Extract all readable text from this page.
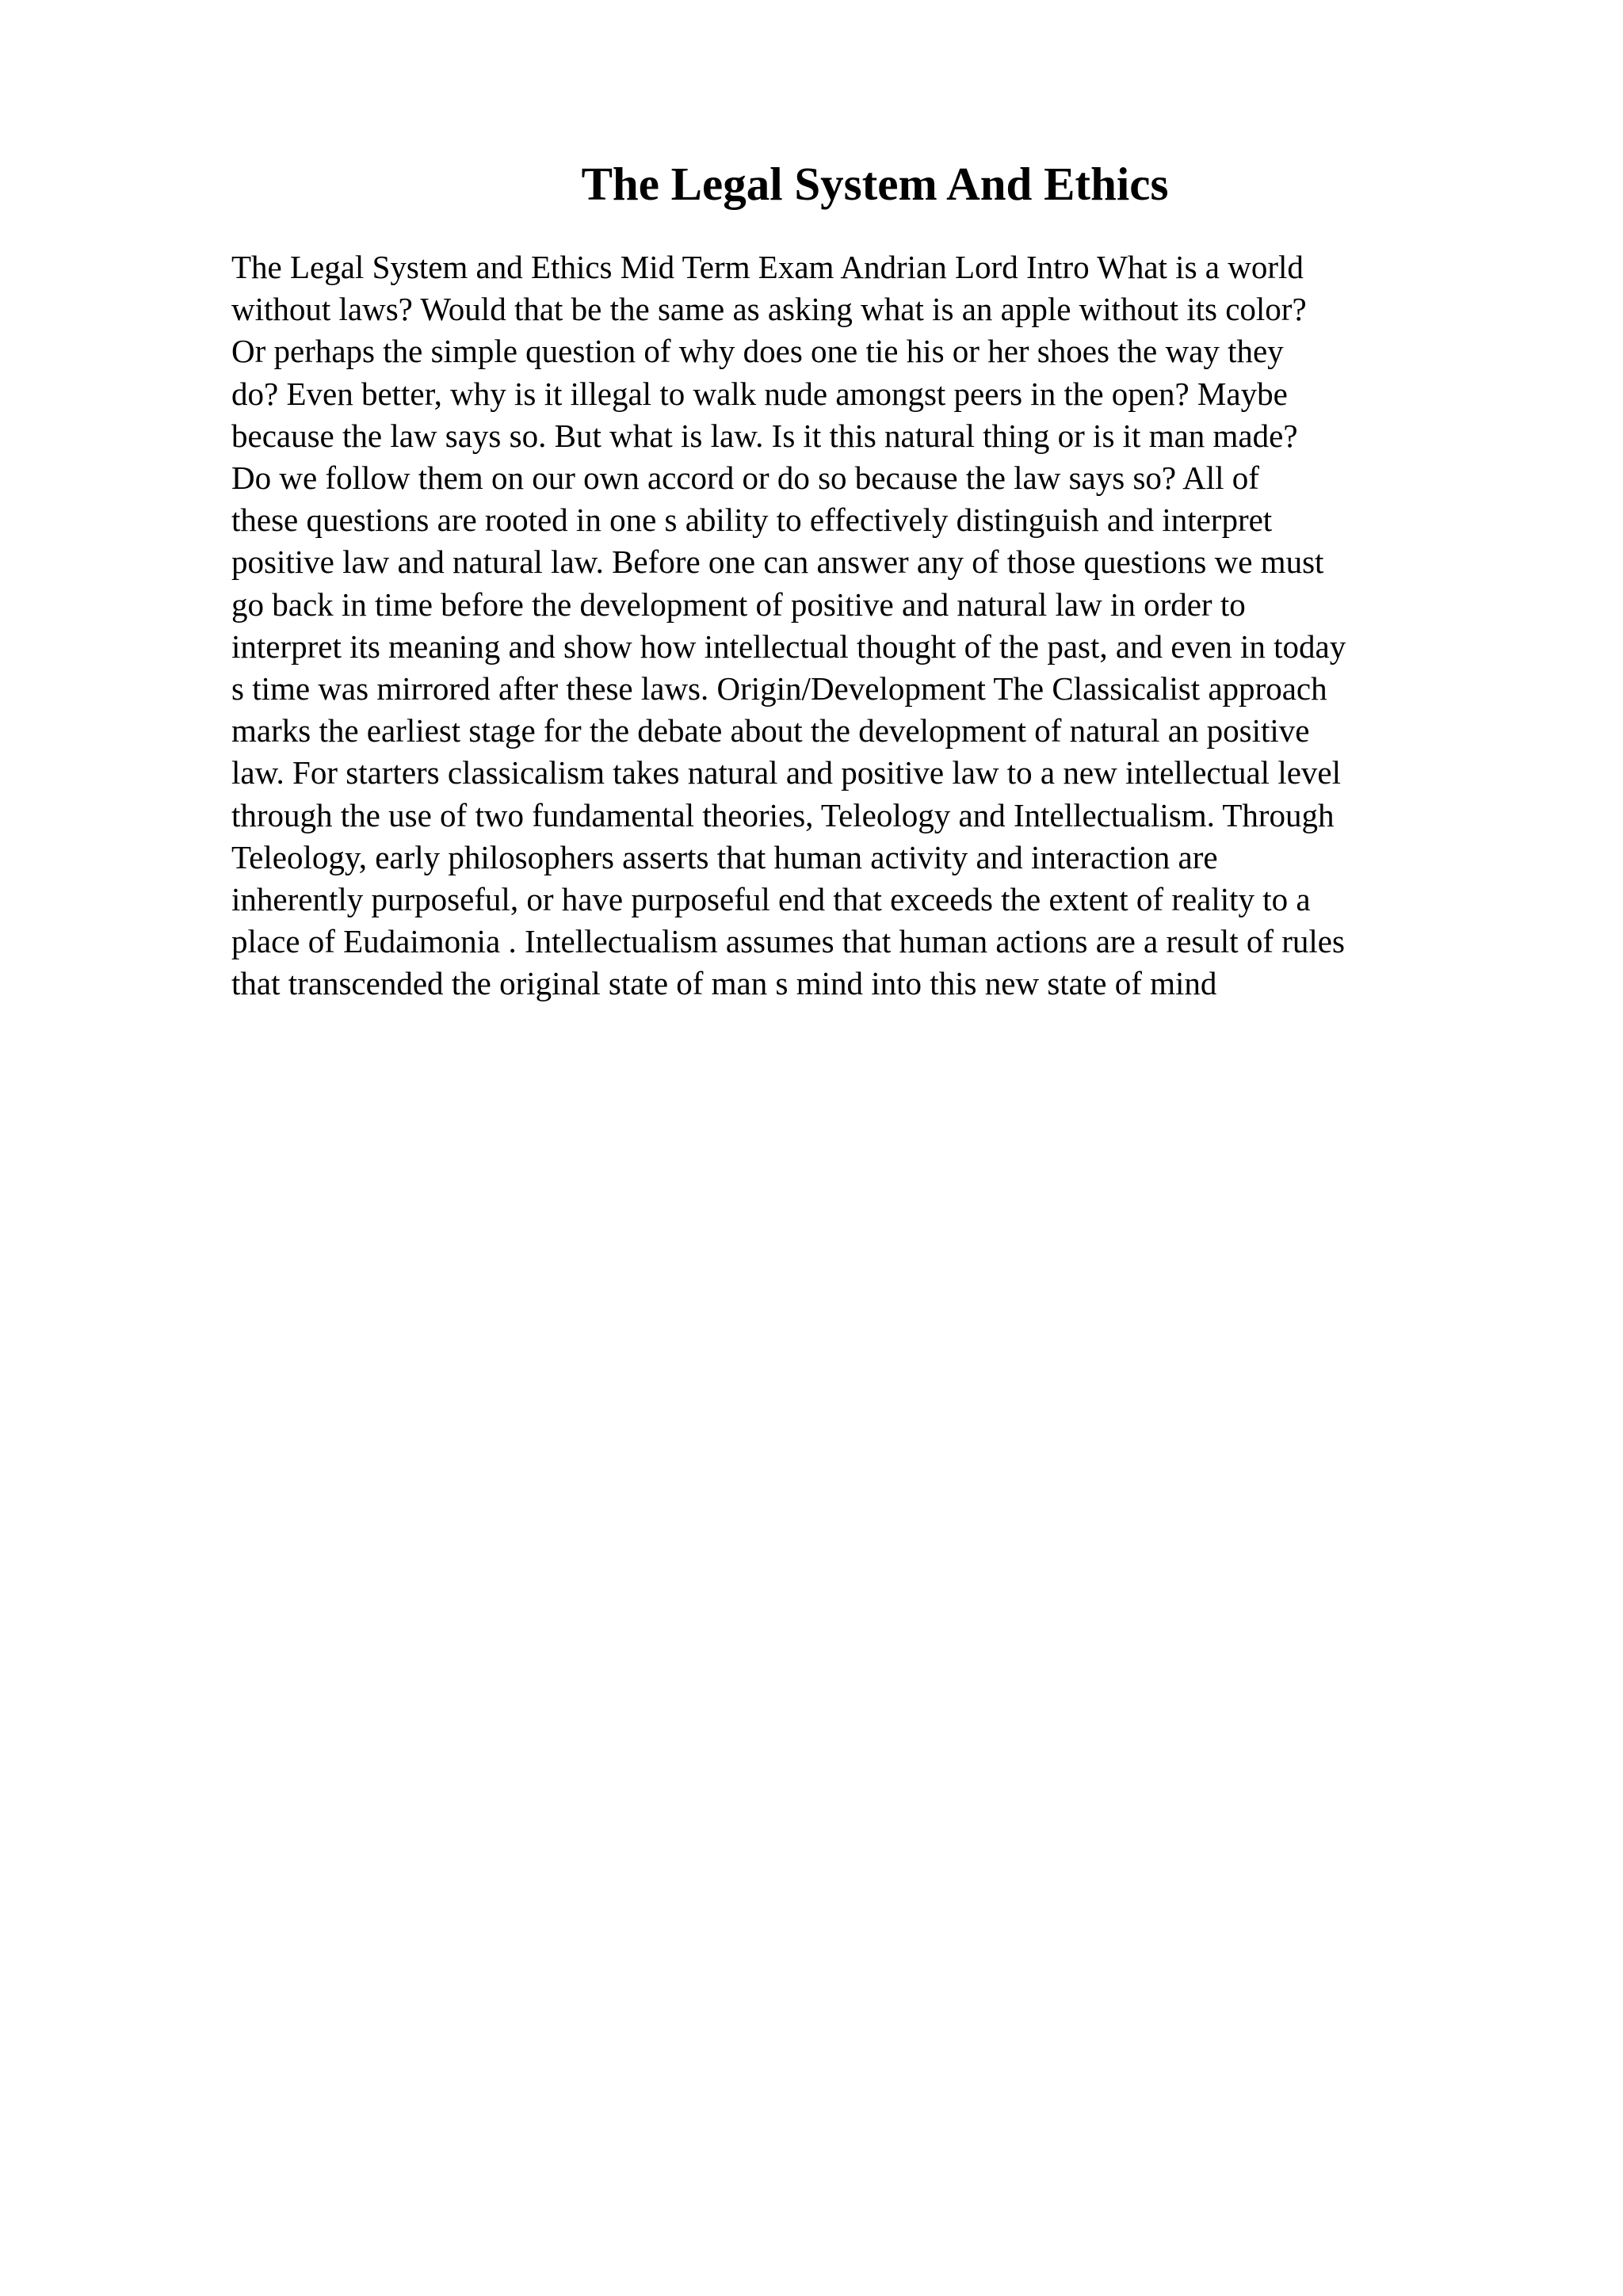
The Legal System And Ethics
The Legal System and Ethics Mid Term Exam Andrian Lord Intro What is a world
without laws? Would that be the same as asking what is an apple without its color?
Or perhaps the simple question of why does one tie his or her shoes the way they
do? Even better, why is it illegal to walk nude amongst peers in the open? Maybe
because the law says so. But what is law. Is it this natural thing or is it man made?
Do we follow them on our own accord or do so because the law says so? All of
these questions are rooted in one s ability to effectively distinguish and interpret
positive law and natural law. Before one can answer any of those questions we must
go back in time before the development of positive and natural law in order to
interpret its meaning and show how intellectual thought of the past, and even in today
s time was mirrored after these laws. Origin/Development The Classicalist approach
marks the earliest stage for the debate about the development of natural an positive
law. For starters classicalism takes natural and positive law to a new intellectual level
through the use of two fundamental theories, Teleology and Intellectualism. Through
Teleology, early philosophers asserts that human activity and interaction are
inherently purposeful, or have purposeful end that exceeds the extent of reality to a
place of Eudaimonia . Intellectualism assumes that human actions are a result of rules
that transcended the original state of man s mind into this new state of mind
